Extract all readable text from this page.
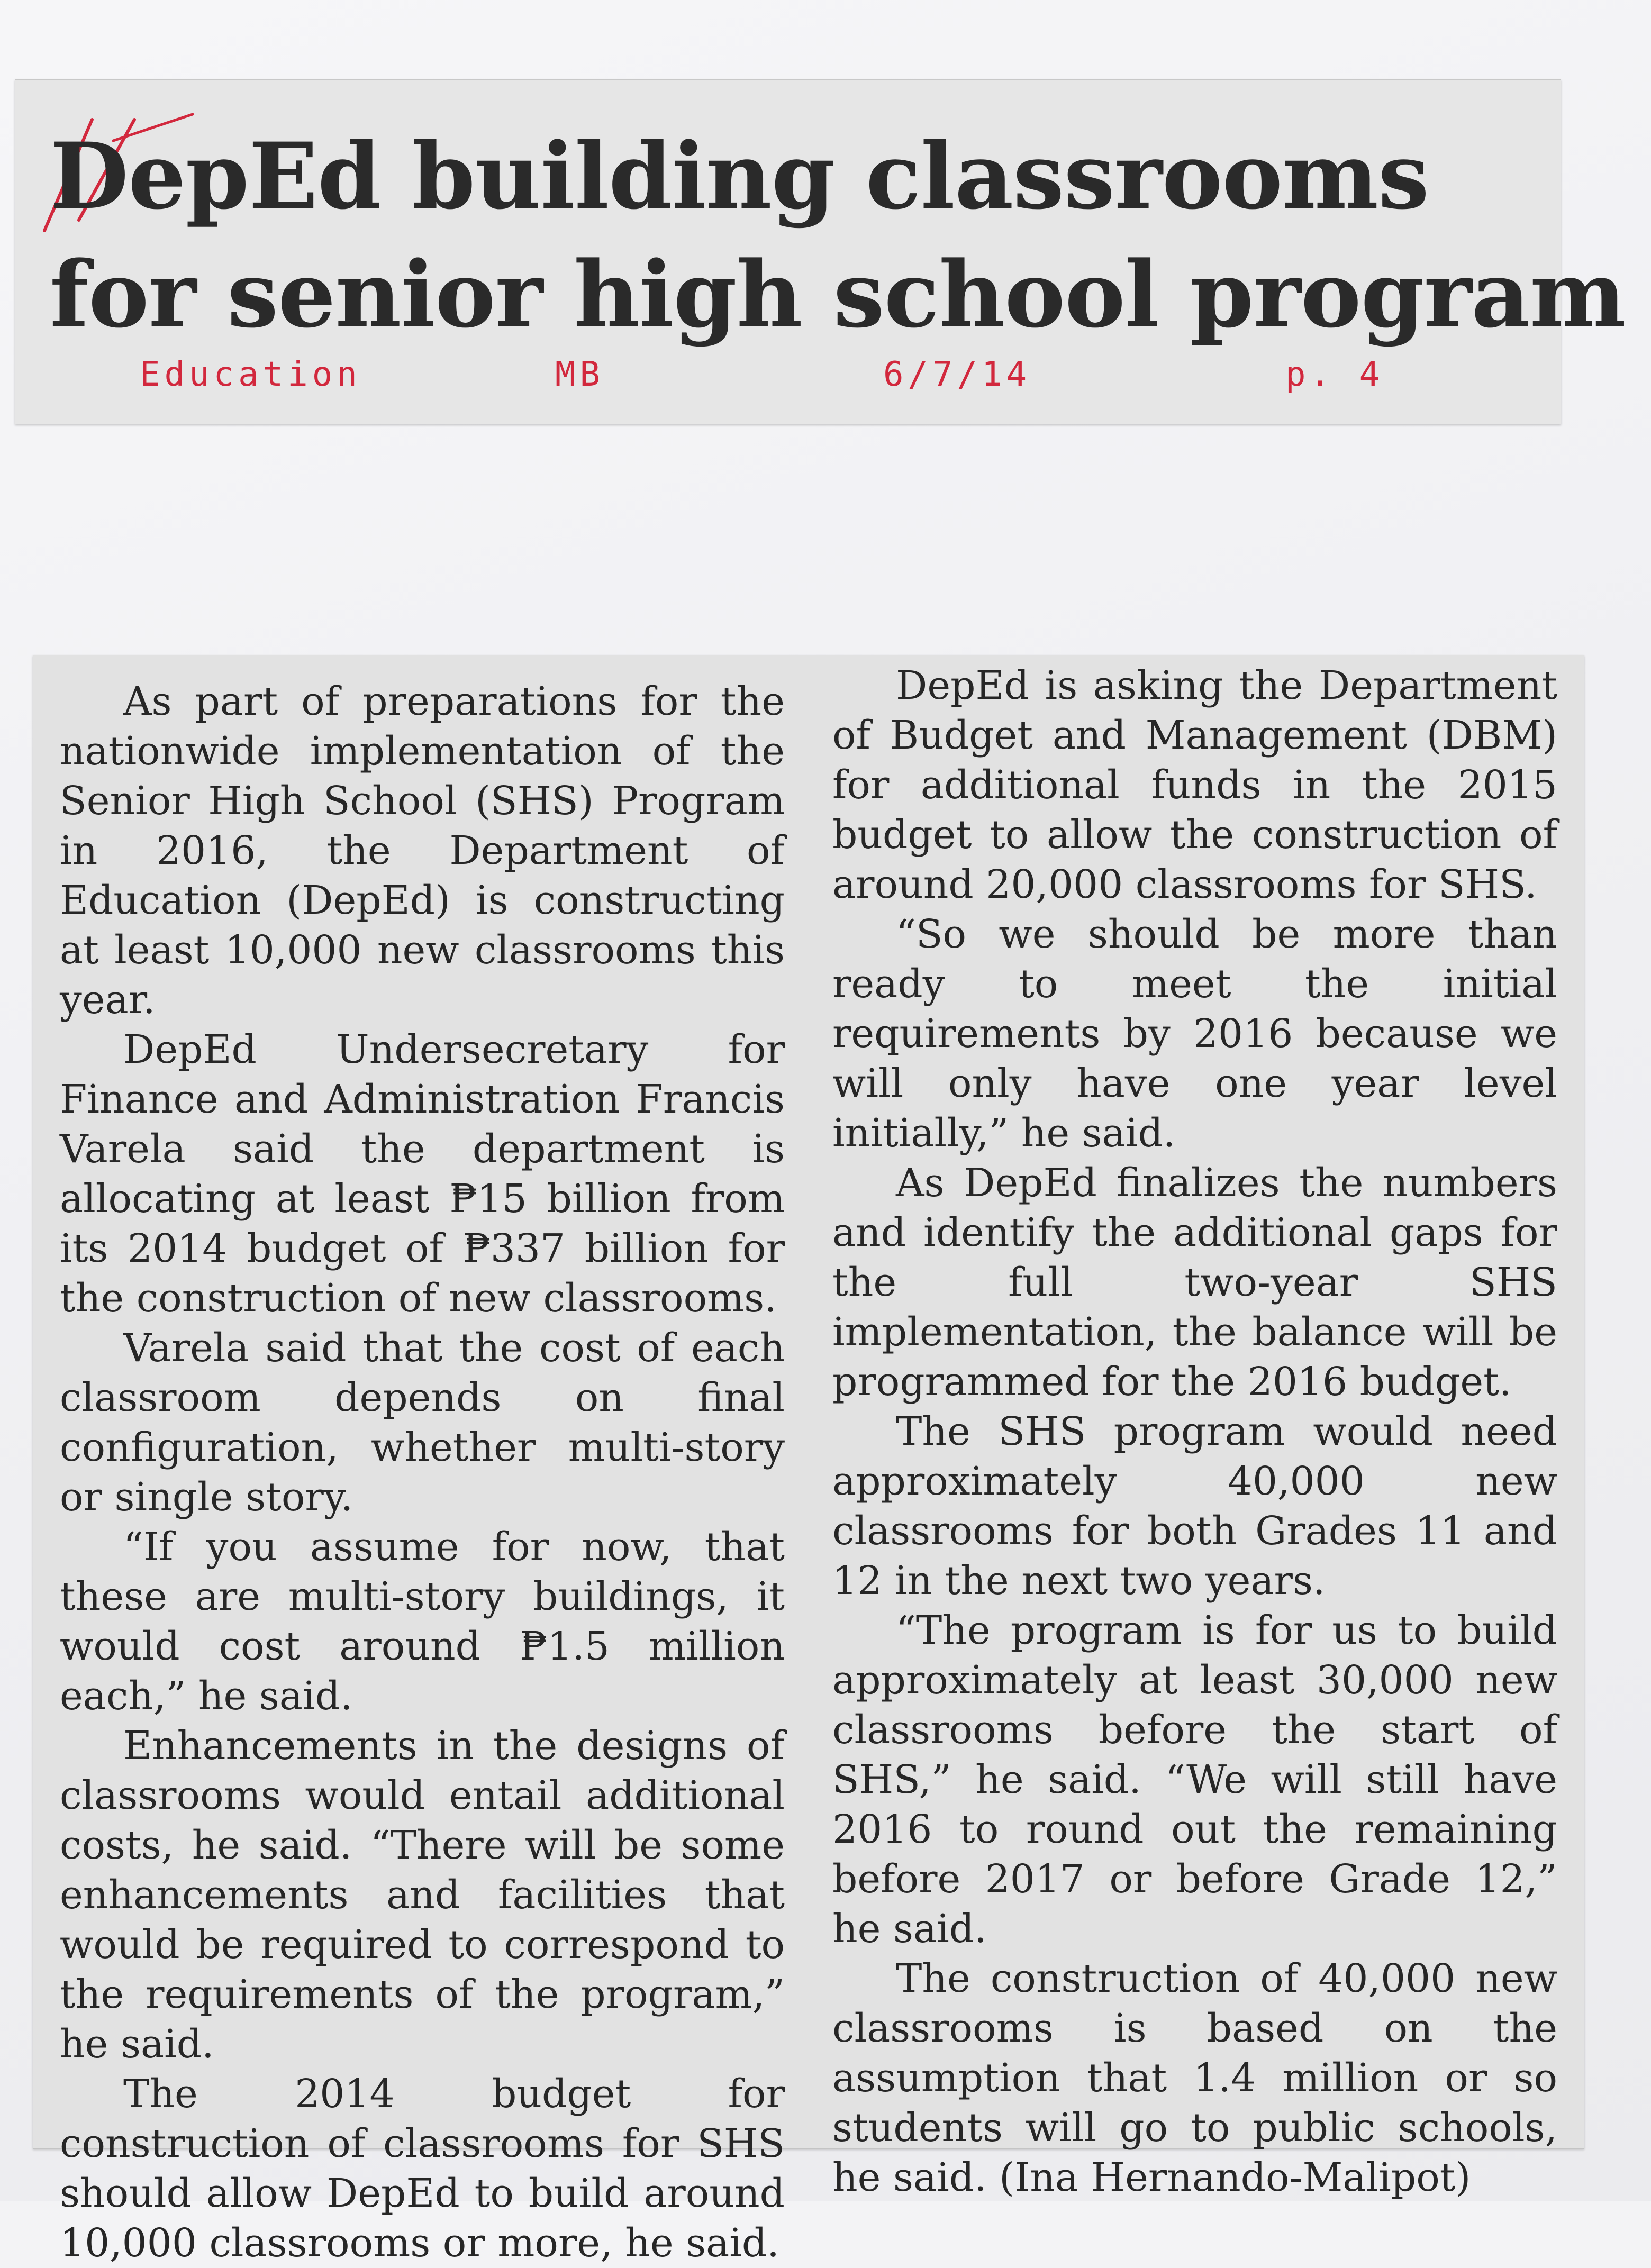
DepEd building classrooms
for senior high school program
Education	MB	6/7/14	p. 4

As part of preparations for the nationwide implementation of the Senior High School (SHS) Program in 2016, the Department of Education (DepEd) is constructing at least 10,000 new classrooms this year.

DepEd Undersecretary for Finance and Administration Francis Varela said the department is allocating at least ₱15 billion from its 2014 budget of ₱337 billion for the construction of new classrooms.

Varela said that the cost of each classroom depends on final configuration, whether multi-story or single story.

“If you assume for now, that these are multi-story buildings, it would cost around ₱1.5 million each,” he said.

Enhancements in the designs of classrooms would entail additional costs, he said. “There will be some enhancements and facilities that would be required to correspond to the requirements of the program,” he said.

The 2014 budget for construction of classrooms for SHS should allow DepEd to build around 10,000 classrooms or more, he said.

DepEd is asking the Department of Budget and Management (DBM) for additional funds in the 2015 budget to allow the construction of around 20,000 classrooms for SHS.

“So we should be more than ready to meet the initial requirements by 2016 because we will only have one year level initially,” he said.

As DepEd finalizes the numbers and identify the additional gaps for the full two-year SHS implementation, the balance will be programmed for the 2016 budget.

The SHS program would need approximately 40,000 new classrooms for both Grades 11 and 12 in the next two years.

“The program is for us to build approximately at least 30,000 new classrooms before the start of SHS,” he said. “We will still have 2016 to round out the remaining before 2017 or before Grade 12,” he said.

The construction of 40,000 new classrooms is based on the assumption that 1.4 million or so students will go to public schools, he said. (Ina Hernando-Malipot)
